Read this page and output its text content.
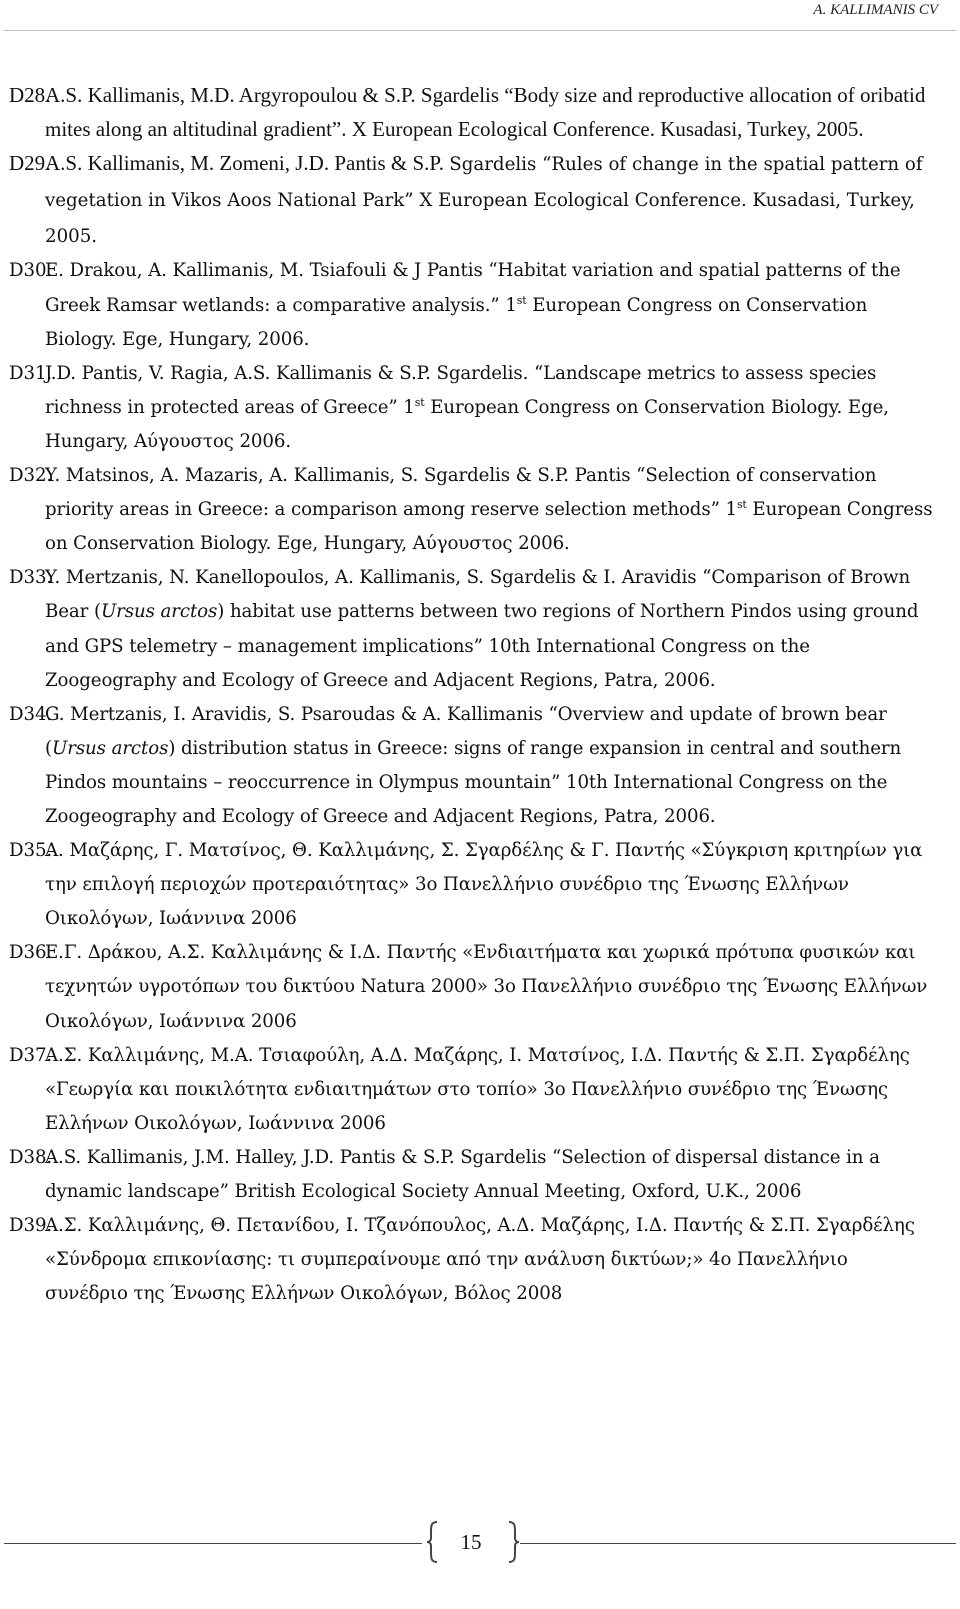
A. KALLIMANIS CV
D28.A.S. Kallimanis, M.D. Argyropoulou & S.P. Sgardelis “Body size and reproductive allocation of oribatid mites along an altitudinal gradient”. X European Ecological Conference. Kusadasi, Turkey, 2005.
D29.A.S. Kallimanis, M. Zomeni, J.D. Pantis & S.P. Sgardelis “Rules of change in the spatial pattern of vegetation in Vikos Aoos National Park” X European Ecological Conference. Kusadasi, Turkey, 2005.
D30.E. Drakou, A. Kallimanis, M. Tsiafouli & J Pantis “Habitat variation and spatial patterns of the Greek Ramsar wetlands: a comparative analysis.” 1st European Congress on Conservation Biology. Ege, Hungary, 2006.
D31.J.D. Pantis, V. Ragia, A.S. Kallimanis & S.P. Sgardelis. “Landscape metrics to assess species richness in protected areas of Greece” 1st European Congress on Conservation Biology. Ege, Hungary, Αύγουστος 2006.
D32.Y. Matsinos, A. Mazaris, A. Kallimanis, S. Sgardelis & S.P. Pantis “Selection of conservation priority areas in Greece: a comparison among reserve selection methods” 1st European Congress on Conservation Biology. Ege, Hungary, Αύγουστος 2006.
D33.Y. Mertzanis, N. Kanellopoulos, A. Kallimanis, S. Sgardelis & I. Aravidis “Comparison of Brown Bear (Ursus arctos) habitat use patterns between two regions of Northern Pindos using ground and GPS telemetry – management implications” 10th International Congress on the Zoogeography and Ecology of Greece and Adjacent Regions, Patra, 2006.
D34.G. Mertzanis, I. Aravidis, S. Psaroudas & A. Kallimanis “Overview and update of brown bear (Ursus arctos) distribution status in Greece: signs of range expansion in central and southern Pindos mountains – reoccurrence in Olympus mountain” 10th International Congress on the Zoogeography and Ecology of Greece and Adjacent Regions, Patra, 2006.
D35.Α. Μαζάρης, Γ. Ματσίνος, Θ. Καλλιμάνης, Σ. Σγαρδέλης & Γ. Παντής «Σύγκριση κριτηρίων για την επιλογή περιοχών προτεραιότητας» 3ο Πανελλήνιο συνέδριο της Ένωσης Ελλήνων Οικολόγων, Ιωάννινα 2006
D36.Ε.Γ. Δράκου, Α.Σ. Καλλιμάνης & Ι.Δ. Παντής «Ενδιαιτήματα και χωρικά πρότυπα φυσικών και τεχνητών υγροτόπων του δικτύου Natura 2000» 3ο Πανελλήνιο συνέδριο της Ένωσης Ελλήνων Οικολόγων, Ιωάννινα 2006
D37.Α.Σ. Καλλιμάνης, Μ.Α. Τσιαφούλη, Α.Δ. Μαζάρης, Ι. Ματσίνος, Ι.Δ. Παντής & Σ.Π. Σγαρδέλης «Γεωργία και ποικιλότητα ενδιαιτημάτων στο τοπίο» 3ο Πανελλήνιο συνέδριο της Ένωσης Ελλήνων Οικολόγων, Ιωάννινα 2006
D38.A.S. Kallimanis, J.M. Halley, J.D. Pantis & S.P. Sgardelis “Selection of dispersal distance in a dynamic landscape” British Ecological Society Annual Meeting, Oxford, U.K., 2006
D39.Α.Σ. Καλλιμάνης, Θ. Πετανίδου, Ι. Τζανόπουλος, Α.Δ. Μαζάρης, Ι.Δ. Παντής & Σ.Π. Σγαρδέλης «Σύνδρομα επικονίασης: τι συμπεραίνουμε από την ανάλυση δικτύων;» 4ο Πανελλήνιο συνέδριο της Ένωσης Ελλήνων Οικολόγων, Βόλος 2008
15
